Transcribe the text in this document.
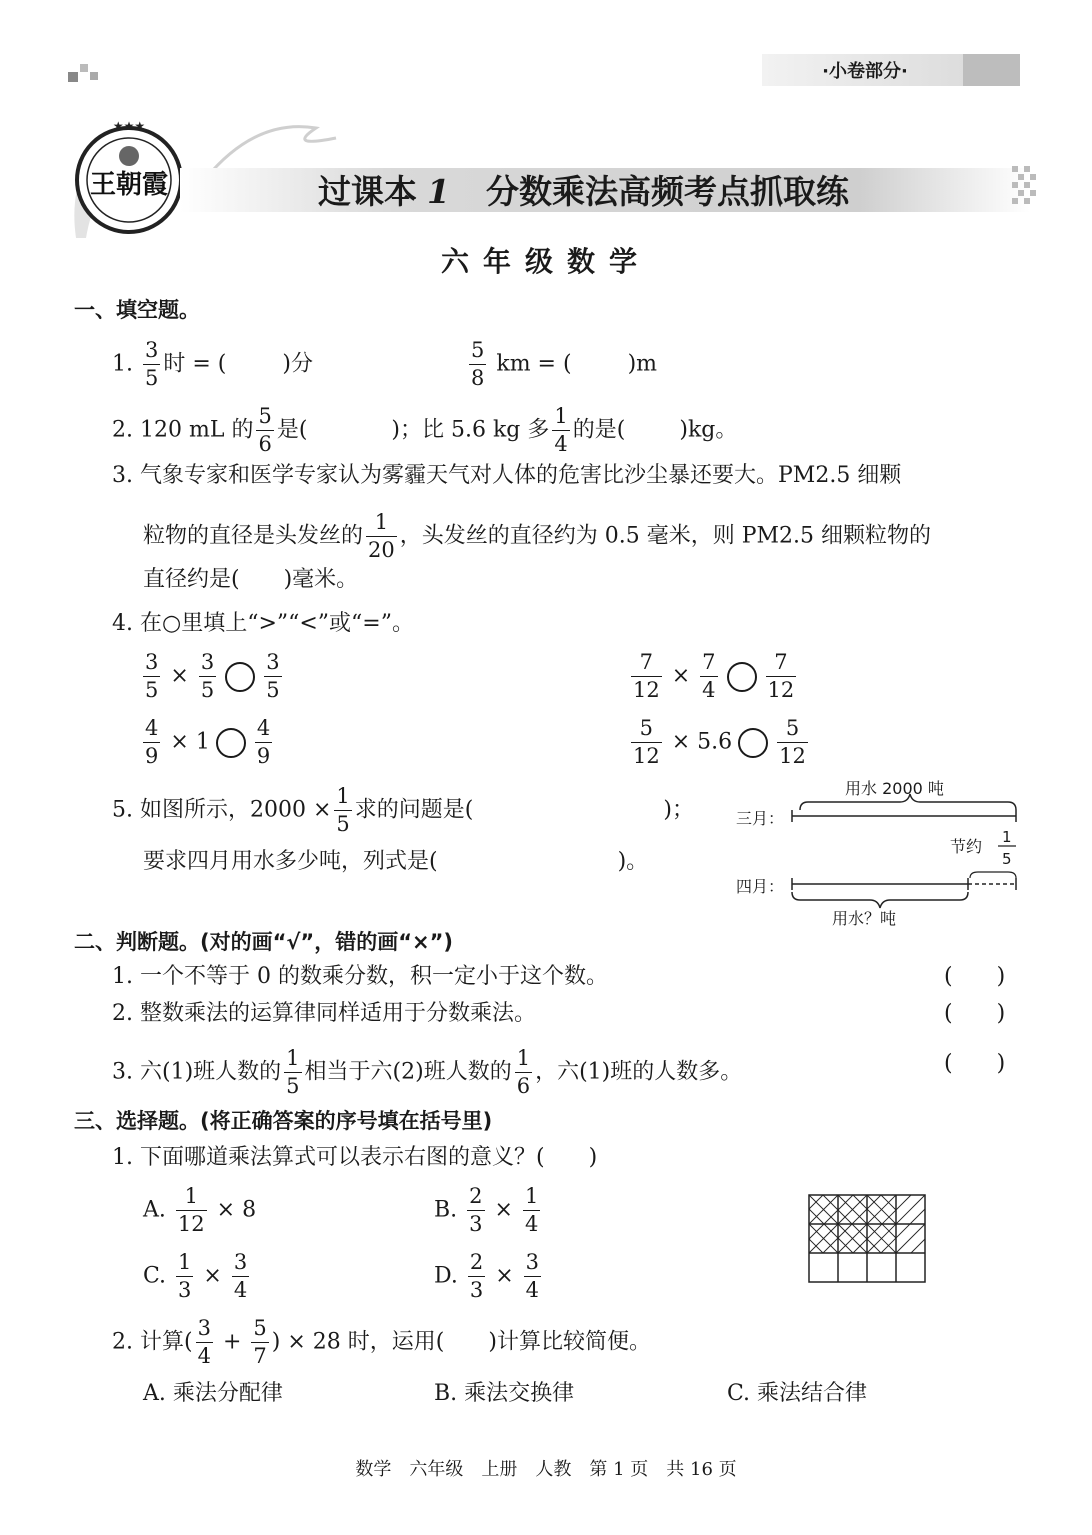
·小卷部分·
★★★
王朝霞	过课本 1 分数乘法高频考点抓取练
六年级数学
一、填空题。
1. $\frac{3}{5}$ 时 = (	)分	$\frac{5}{8}$ km = (	)m
2. 120 mL 的 $\frac{5}{6}$ 是(	)；比 5.6 kg 多 $\frac{1}{4}$ 的是( )kg。
3. 气象专家和医学专家认为雾霾天气对人体的危害比沙尘暴还要大。PM2.5 细颗
粒物的直径是头发丝的 $\frac{1}{20}$ ，头发丝的直径约为 0.5 毫米，则 PM2.5 细颗粒物的
直径约是(　　)毫米。
4. 在○里填上“>”“<”或“=”。
$\frac{3}{5} \times \frac{3}{5} \frac{3}{5}$	$\frac{7}{12} \times \frac{7}{4} \frac{7}{12}$
$\frac{4}{9} \times 1 \frac{4}{9}$	$\frac{5}{12} \times 5.6 \frac{5}{12}$
5. 如图所示，$2000 \times \frac{1}{5}$ 求的问题是(	)；
要求四月用水多少吨，列式是(	)。
用水 2000 吨
三月：
节约 1
5
四月：
用水？吨
二、判断题。(对的画“√”，错的画“×”)
1. 一个不等于 0 的数乘分数，积一定小于这个数。	(　　)
2. 整数乘法的运算律同样适用于分数乘法。	(　　)
3. 六(1)班人数的 $\frac{1}{5}$ 相当于六(2)班人数的 $\frac{1}{6}$ ，六(1)班的人数多。	(　　)
三、选择题。(将正确答案的序号填在括号里)
1. 下面哪道乘法算式可以表示右图的意义？(　　)
A. $\frac{1}{12} \times 8$	B. $\frac{2}{3} \times \frac{1}{4}$
C. $\frac{1}{3} \times \frac{3}{4}$	D. $\frac{2}{3} \times \frac{3}{4}$
2. 计算( $\frac{3}{4} + \frac{5}{7}$ ) × 28 时，运用(　　)计算比较简便。
A. 乘法分配律	B. 乘法交换律	C. 乘法结合律
数学　六年级　上册　人教　第 1 页　共 16 页
